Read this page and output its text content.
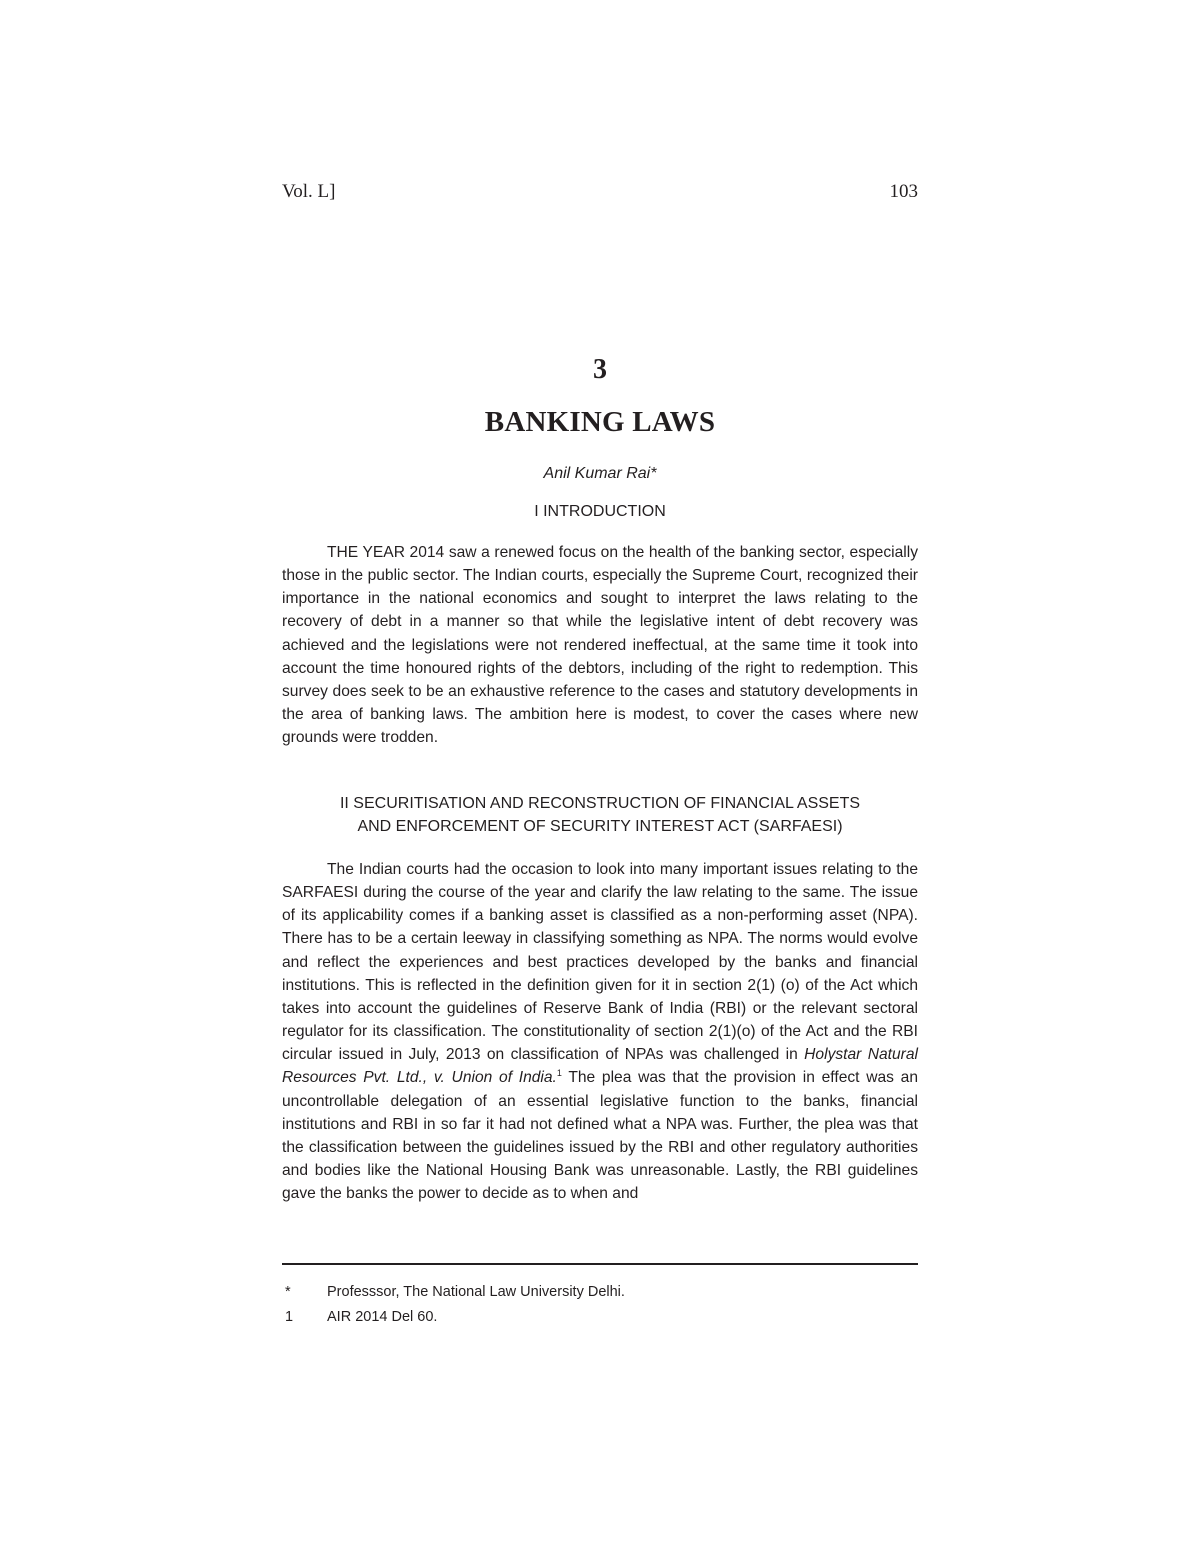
Vol. L]	103
3
BANKING LAWS
Anil Kumar Rai*
I INTRODUCTION

THE YEAR 2014 saw a renewed focus on the health of the banking sector, especially those in the public sector. The Indian courts, especially the Supreme Court, recognized their importance in the national economics and sought to interpret the laws relating to the recovery of debt in a manner so that while the legislative intent of debt recovery was achieved and the legislations were not rendered ineffectual, at the same time it took into account the time honoured rights of the debtors, including of the right to redemption. This survey does seek to be an exhaustive reference to the cases and statutory developments in the area of banking laws. The ambition here is modest, to cover the cases where new grounds were trodden.

II SECURITISATION AND RECONSTRUCTION OF FINANCIAL ASSETS
AND ENFORCEMENT OF SECURITY INTEREST ACT (SARFAESI)

The Indian courts had the occasion to look into many important issues relating to the SARFAESI during the course of the year and clarify the law relating to the same. The issue of its applicability comes if a banking asset is classified as a non-performing asset (NPA). There has to be a certain leeway in classifying something as NPA. The norms would evolve and reflect the experiences and best practices developed by the banks and financial institutions. This is reflected in the definition given for it in section 2(1) (o) of the Act which takes into account the guidelines of Reserve Bank of India (RBI) or the relevant sectoral regulator for its classification. The constitutionality of section 2(1)(o) of the Act and the RBI circular issued in July, 2013 on classification of NPAs was challenged in Holystar Natural Resources Pvt. Ltd., v. Union of India.$^1$ The plea was that the provision in effect was an uncontrollable delegation of an essential legislative function to the banks, financial institutions and RBI in so far it had not defined what a NPA was. Further, the plea was that the classification between the guidelines issued by the RBI and other regulatory authorities and bodies like the National Housing Bank was unreasonable. Lastly, the RBI guidelines gave the banks the power to decide as to when and

*	Professsor, The National Law University Delhi.
1 AIR 2014 Del 60.
